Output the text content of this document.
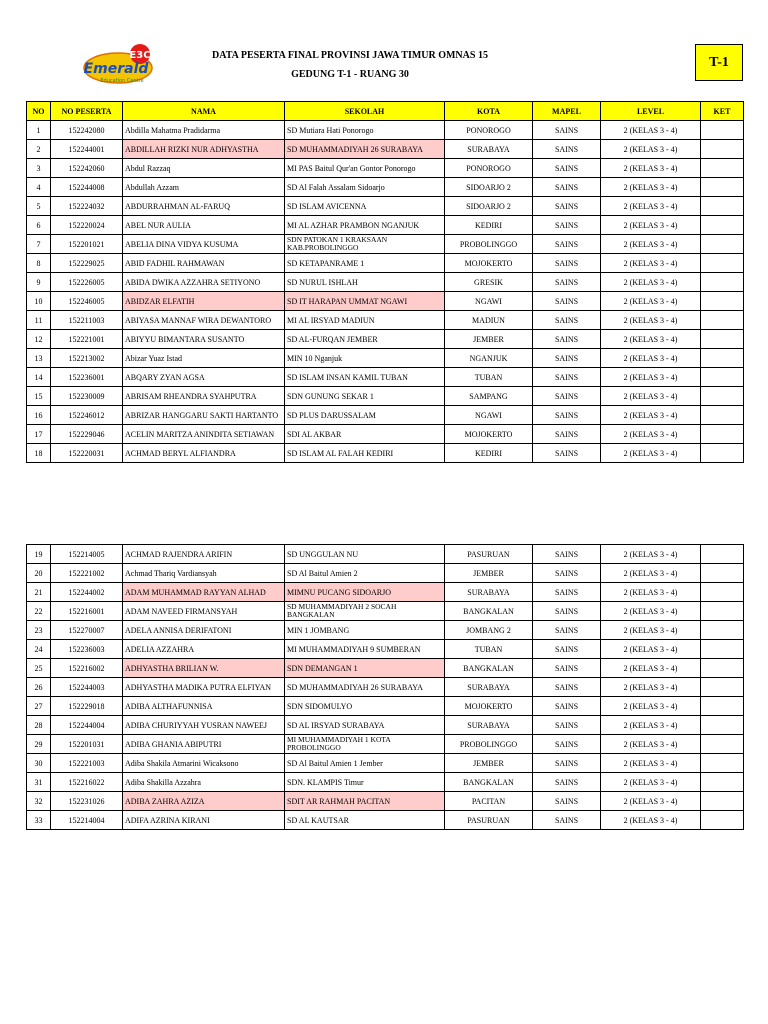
E3C
Emerald
Education Centre
DATA PESERTA FINAL PROVINSI JAWA TIMUR OMNAS 15
GEDUNG T-1 - RUANG 30
T-1
NO	NO PESERTA	NAMA	SEKOLAH	KOTA	MAPEL	LEVEL	KET
1	152242080	Abdilla Mahatma Pradidarma	SD Mutiara Hati Ponorogo	PONOROGO	SAINS	2 (KELAS 3 - 4)	
2	152244001	ABDILLAH RIZKI NUR ADHYASTHA	SD MUHAMMADIYAH 26 SURABAYA	SURABAYA	SAINS	2 (KELAS 3 - 4)	
3	152242060	Abdul Razzaq	MI PAS Baitul Qur'an Gontor Ponorogo	PONOROGO	SAINS	2 (KELAS 3 - 4)	
4	152244008	Abdullah Azzam	SD Al Falah Assalam Sidoarjo	SIDOARJO 2	SAINS	2 (KELAS 3 - 4)	
5	152224032	ABDURRAHMAN AL-FARUQ	SD ISLAM AVICENNA	SIDOARJO 2	SAINS	2 (KELAS 3 - 4)	
6	152220024	ABEL NUR AULIA	MI AL AZHAR PRAMBON NGANJUK	KEDIRI	SAINS	2 (KELAS 3 - 4)	
7	152201021	ABELIA DINA VIDYA KUSUMA	SDN PATOKAN 1 KRAKSAAN KAB.PROBOLINGGO	PROBOLINGGO	SAINS	2 (KELAS 3 - 4)	
8	152229025	ABID FADHIL RAHMAWAN	SD KETAPANRAME 1	MOJOKERTO	SAINS	2 (KELAS 3 - 4)	
9	152226005	ABIDA DWIKA AZZAHRA SETIYONO	SD NURUL ISHLAH	GRESIK	SAINS	2 (KELAS 3 - 4)	
10	152246005	ABIDZAR ELFATIH	SD IT HARAPAN UMMAT NGAWI	NGAWI	SAINS	2 (KELAS 3 - 4)	
11	152211003	ABIYASA MANNAF WIRA DEWANTORO	MI AL IRSYAD MADIUN	MADIUN	SAINS	2 (KELAS 3 - 4)	
12	152221001	ABIYYU BIMANTARA SUSANTO	SD AL-FURQAN JEMBER	JEMBER	SAINS	2 (KELAS 3 - 4)	
13	152213002	Abizar Yuaz Istad	MIN 10 Nganjuk	NGANJUK	SAINS	2 (KELAS 3 - 4)	
14	152236001	ABQARY ZYAN AGSA	SD ISLAM INSAN KAMIL TUBAN	TUBAN	SAINS	2 (KELAS 3 - 4)	
15	152230009	ABRISAM RHEANDRA SYAHPUTRA	SDN GUNUNG SEKAR 1	SAMPANG	SAINS	2 (KELAS 3 - 4)	
16	152246012	ABRIZAR HANGGARU SAKTI HARTANTO	SD PLUS DARUSSALAM	NGAWI	SAINS	2 (KELAS 3 - 4)	
17	152229046	ACELIN MARITZA ANINDITA SETIAWAN	SDI AL AKBAR	MOJOKERTO	SAINS	2 (KELAS 3 - 4)	
18	152220031	ACHMAD BERYL ALFIANDRA	SD ISLAM AL FALAH KEDIRI	KEDIRI	SAINS	2 (KELAS 3 - 4)	
19	152214005	ACHMAD RAJENDRA ARIFIN	SD UNGGULAN NU	PASURUAN	SAINS	2 (KELAS 3 - 4)	
20	152221002	Achmad Thariq Vardiansyah	SD Al Baitul Amien 2	JEMBER	SAINS	2 (KELAS 3 - 4)	
21	152244002	ADAM MUHAMMAD RAYYAN ALHAD	MIMNU PUCANG SIDOARJO	SURABAYA	SAINS	2 (KELAS 3 - 4)	
22	152216001	ADAM NAVEED FIRMANSYAH	SD MUHAMMADIYAH 2 SOCAH BANGKALAN	BANGKALAN	SAINS	2 (KELAS 3 - 4)	
23	152270007	ADELA ANNISA DERIFATONI	MIN 1 JOMBANG	JOMBANG 2	SAINS	2 (KELAS 3 - 4)	
24	152236003	ADELIA AZZAHRA	MI MUHAMMADIYAH 9 SUMBERAN	TUBAN	SAINS	2 (KELAS 3 - 4)	
25	152216002	ADHYASTHA BRILIAN W.	SDN DEMANGAN 1	BANGKALAN	SAINS	2 (KELAS 3 - 4)	
26	152244003	ADHYASTHA MADIKA PUTRA ELFIYAN	SD MUHAMMADIYAH 26 SURABAYA	SURABAYA	SAINS	2 (KELAS 3 - 4)	
27	152229018	ADIBA ALTHAFUNNISA	SDN SIDOMULYO	MOJOKERTO	SAINS	2 (KELAS 3 - 4)	
28	152244004	ADIBA CHURIYYAH YUSRAN NAWEEJ	SD AL IRSYAD SURABAYA	SURABAYA	SAINS	2 (KELAS 3 - 4)	
29	152201031	ADIBA GHANIA ABIPUTRI	MI MUHAMMADIYAH 1 KOTA PROBOLINGGO	PROBOLINGGO	SAINS	2 (KELAS 3 - 4)	
30	152221003	Adiba Shakila Atmarini Wicaksono	SD Al Baitul Amien 1 Jember	JEMBER	SAINS	2 (KELAS 3 - 4)	
31	152216022	Adiba Shakilla Azzahra	SDN. KLAMPIS Timur	BANGKALAN	SAINS	2 (KELAS 3 - 4)	
32	152231026	ADIBA ZAHRA AZIZA	SDIT AR RAHMAH PACITAN	PACITAN	SAINS	2 (KELAS 3 - 4)	
33	152214004	ADIFA AZRINA KIRANI	SD AL KAUTSAR	PASURUAN	SAINS	2 (KELAS 3 - 4)	
